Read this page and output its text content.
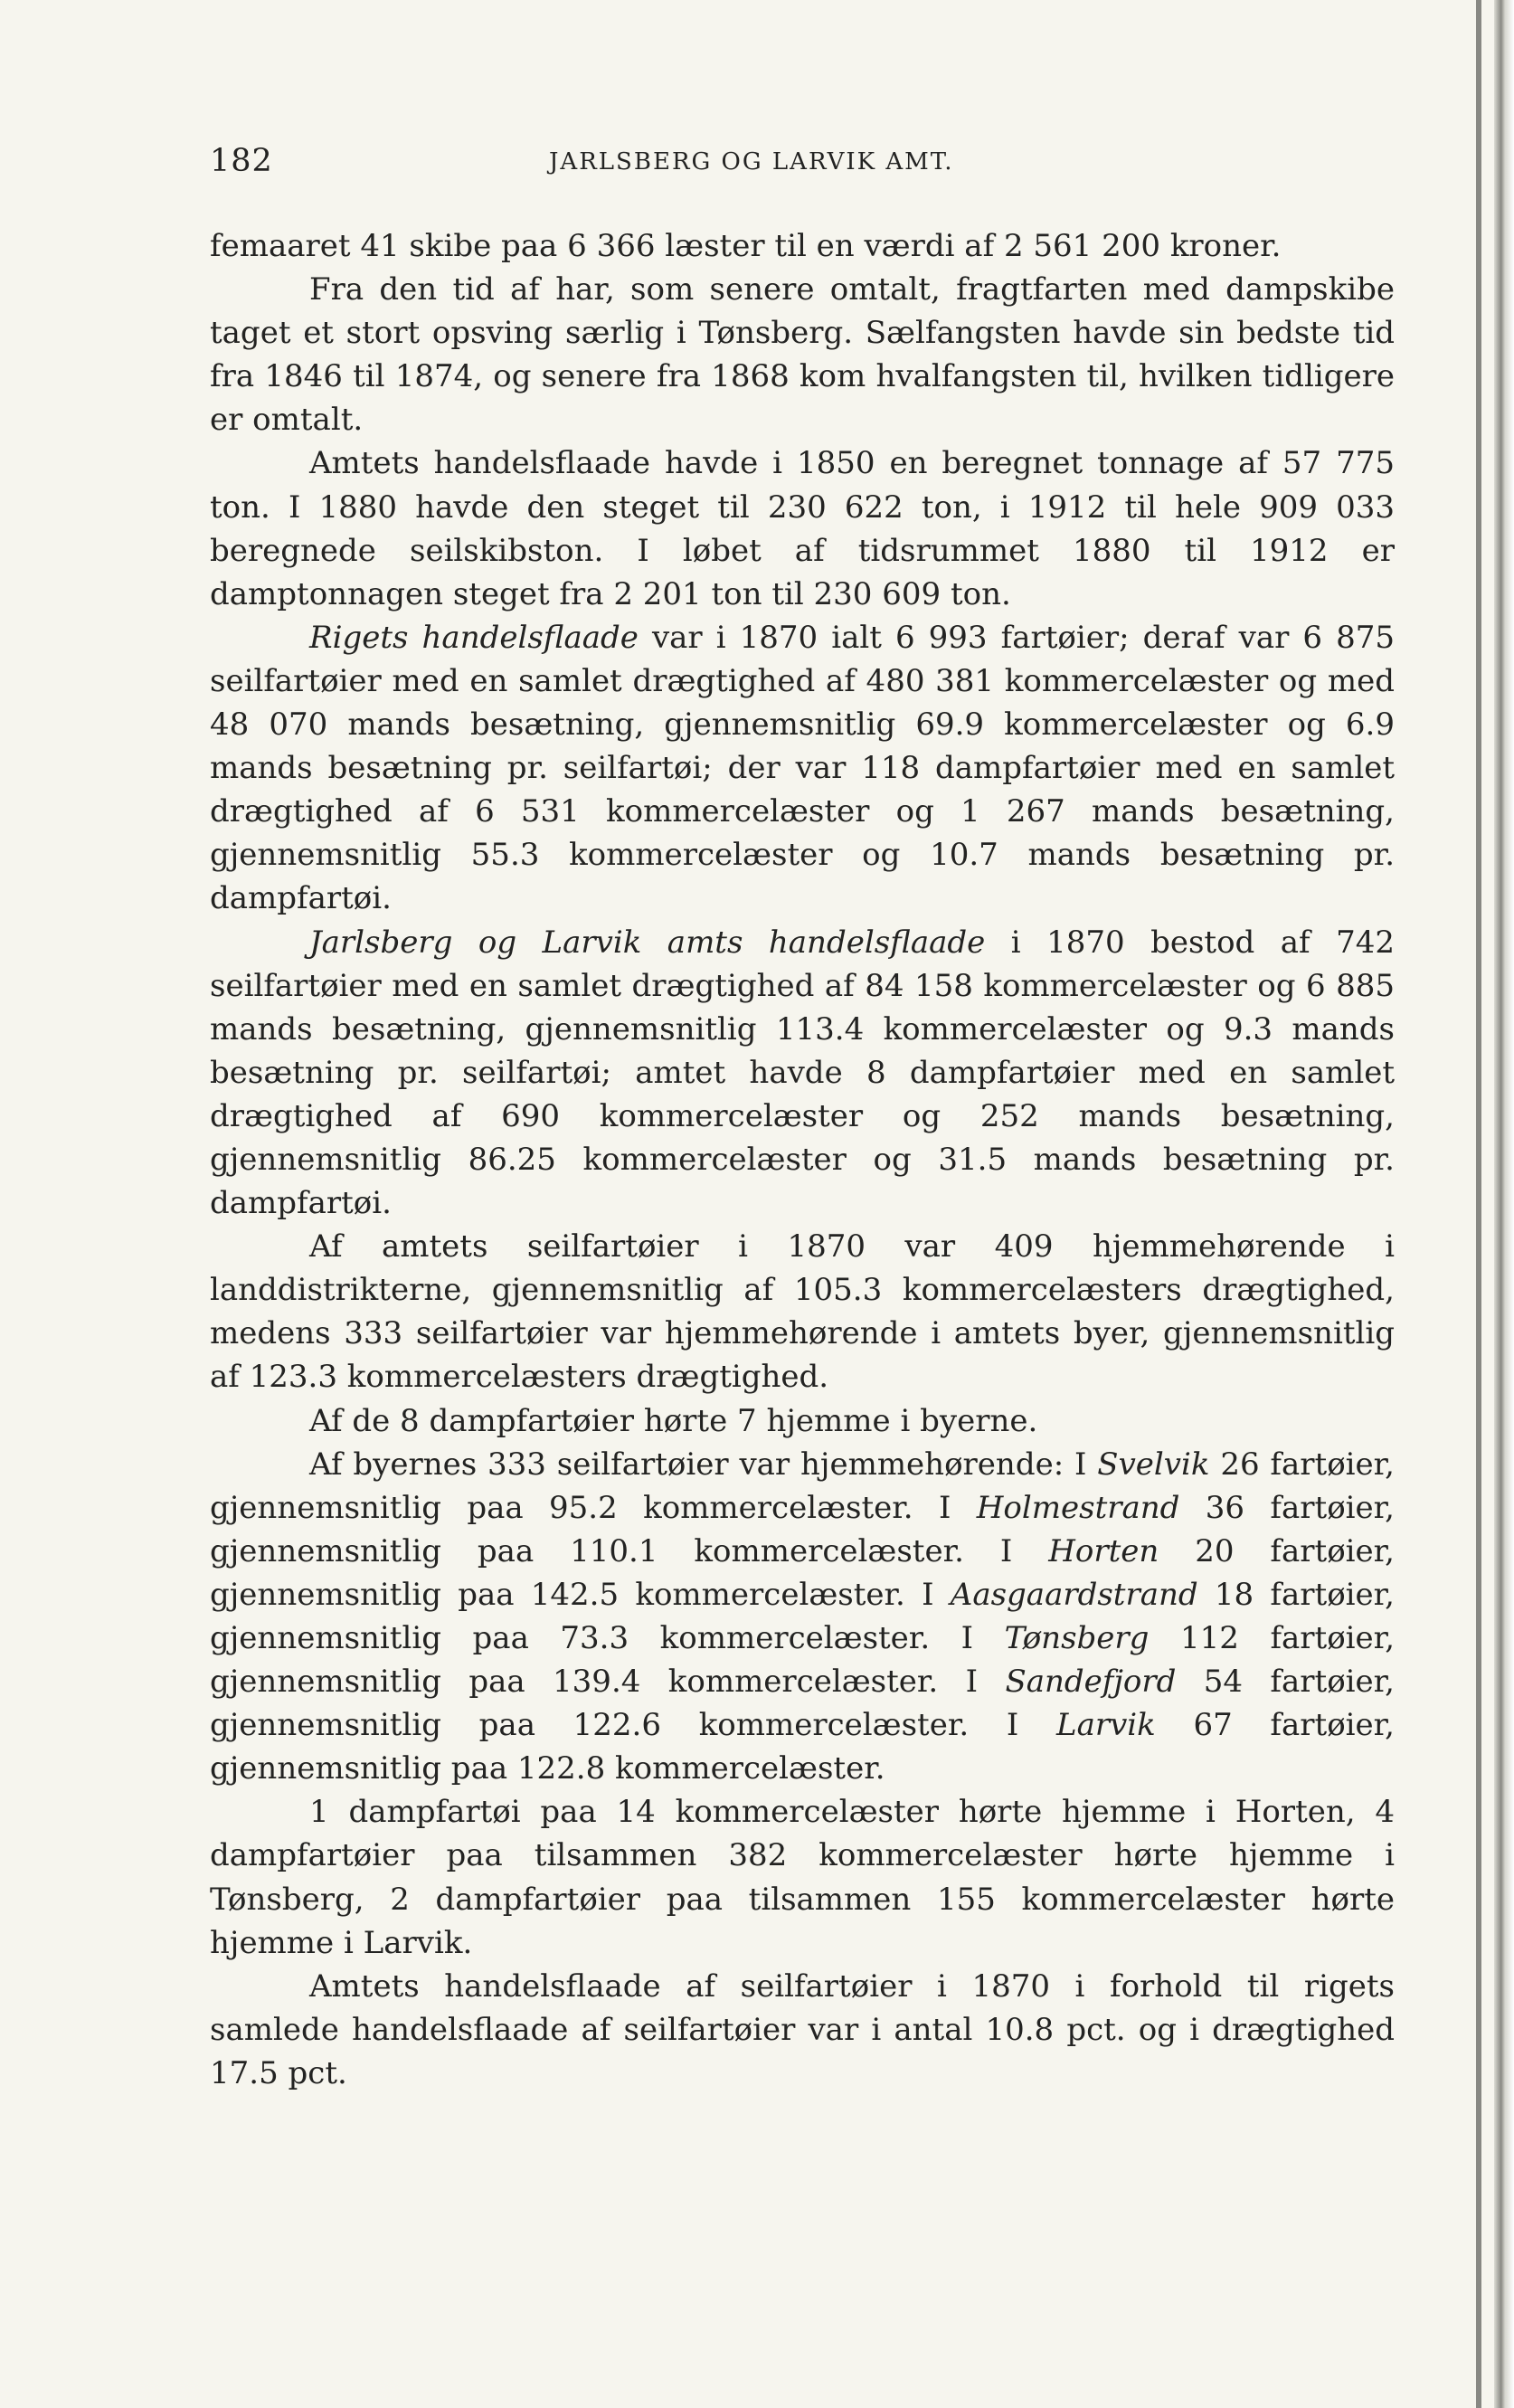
182	JARLSBERG OG LARVIK AMT.

femaaret 41 skibe paa 6 366 læster til en værdi af 2 561 200 kroner.

Fra den tid af har, som senere omtalt, fragtfarten med dampskibe taget et stort opsving særlig i Tønsberg. Sælfangsten havde sin bedste tid fra 1846 til 1874, og senere fra 1868 kom hvalfangsten til, hvilken tidligere er omtalt.

Amtets handelsflaade havde i 1850 en beregnet tonnage af 57 775 ton. I 1880 havde den steget til 230 622 ton, i 1912 til hele 909 033 beregnede seilskibston. I løbet af tidsrummet 1880 til 1912 er damptonnagen steget fra 2 201 ton til 230 609 ton.

Rigets handelsflaade var i 1870 ialt 6 993 fartøier; deraf var 6 875 seilfartøier med en samlet drægtighed af 480 381 kommercelæster og med 48 070 mands besætning, gjennemsnitlig 69.9 kommercelæster og 6.9 mands besætning pr. seilfartøi; der var 118 dampfartøier med en samlet drægtighed af 6 531 kommercelæster og 1 267 mands besætning, gjennemsnitlig 55.3 kommercelæster og 10.7 mands besætning pr. dampfartøi.

Jarlsberg og Larvik amts handelsflaade i 1870 bestod af 742 seilfartøier med en samlet drægtighed af 84 158 kommercelæster og 6 885 mands besætning, gjennemsnitlig 113.4 kommercelæster og 9.3 mands besætning pr. seilfartøi; amtet havde 8 dampfartøier med en samlet drægtighed af 690 kommercelæster og 252 mands besætning, gjennemsnitlig 86.25 kommercelæster og 31.5 mands besætning pr. dampfartøi.

Af amtets seilfartøier i 1870 var 409 hjemmehørende i landdistrikterne, gjennemsnitlig af 105.3 kommercelæsters drægtighed, medens 333 seilfartøier var hjemmehørende i amtets byer, gjennemsnitlig af 123.3 kommercelæsters drægtighed.

Af de 8 dampfartøier hørte 7 hjemme i byerne.

Af byernes 333 seilfartøier var hjemmehørende: I Svelvik 26 fartøier, gjennemsnitlig paa 95.2 kommercelæster. I Holmestrand 36 fartøier, gjennemsnitlig paa 110.1 kommercelæster. I Horten 20 fartøier, gjennemsnitlig paa 142.5 kommercelæster. I Aasgaardstrand 18 fartøier, gjennemsnitlig paa 73.3 kommercelæster. I Tønsberg 112 fartøier, gjennemsnitlig paa 139.4 kommercelæster. I Sandefjord 54 fartøier, gjennemsnitlig paa 122.6 kommercelæster. I Larvik 67 fartøier, gjennemsnitlig paa 122.8 kommercelæster.

1 dampfartøi paa 14 kommercelæster hørte hjemme i Horten, 4 dampfartøier paa tilsammen 382 kommercelæster hørte hjemme i Tønsberg, 2 dampfartøier paa tilsammen 155 kommercelæster hørte hjemme i Larvik.

Amtets handelsflaade af seilfartøier i 1870 i forhold til rigets samlede handelsflaade af seilfartøier var i antal 10.8 pct. og i drægtighed 17.5 pct.
